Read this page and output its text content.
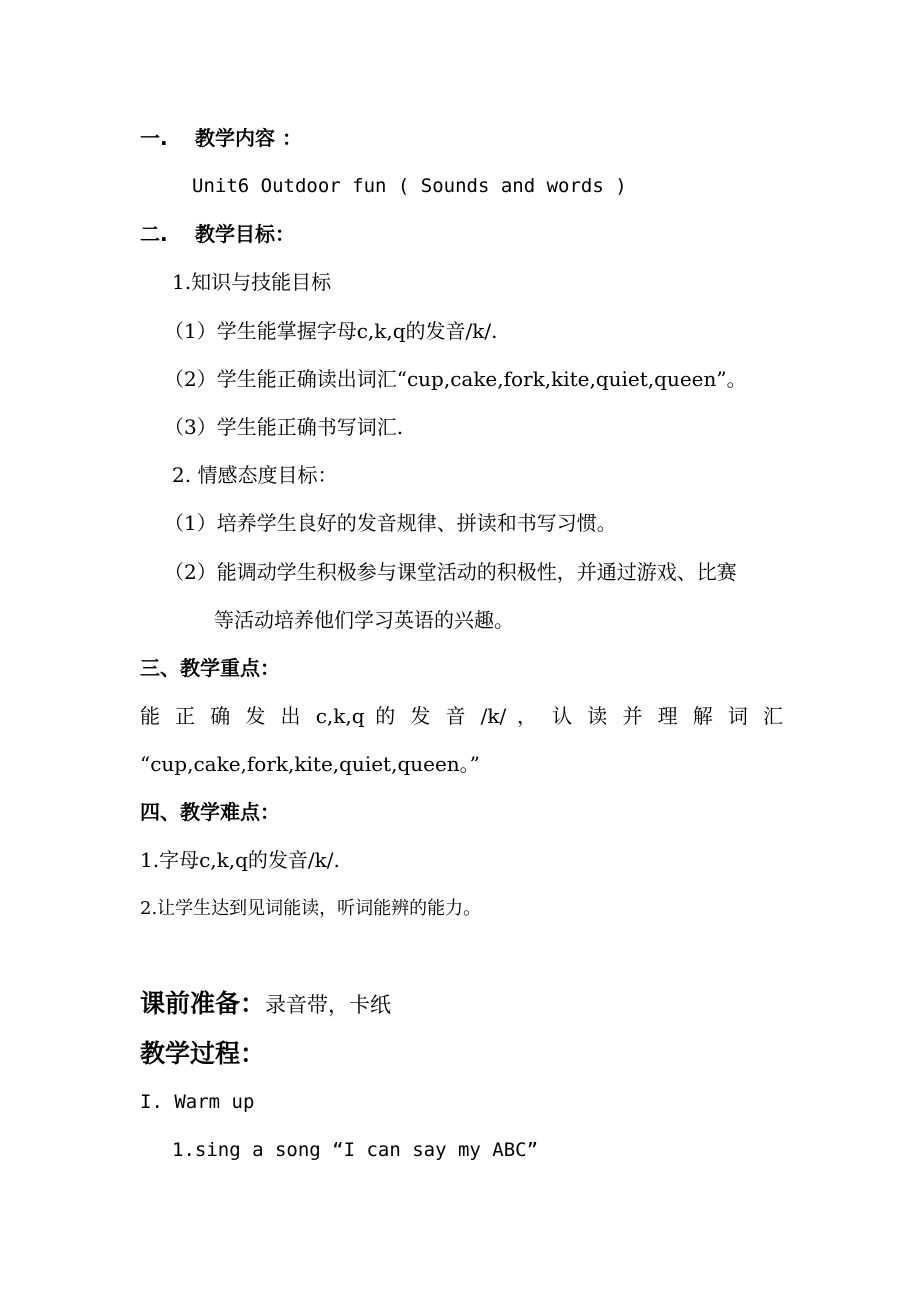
一. 教学内容 ：
Unit6 Outdoor fun ( Sounds and words )
二. 教学目标：
1.知识与技能目标
（1）学生能掌握字母c,k,q的发音/k/.
（2）学生能正确读出词汇“cup,cake,fork,kite,quiet,queen”。
（3）学生能正确书写词汇.
2. 情感态度目标：
（1）培养学生良好的发音规律、拼读和书写习惯。
（2）能调动学生积极参与课堂活动的积极性，并通过游戏、比赛
等活动培养他们学习英语的兴趣。
三、教学重点：
能 正 确 发 出 c,k,q 的 发 音 /k/ ， 认 读 并 理 解 词 汇
“cup,cake,fork,kite,quiet,queen。”
四、教学难点：
1.字母c,k,q的发音/k/.
2.让学生达到见词能读，听词能辨的能力。
课前准备：录音带，卡纸
教学过程：
I. Warm up
1.sing a song “I can say my ABC”
